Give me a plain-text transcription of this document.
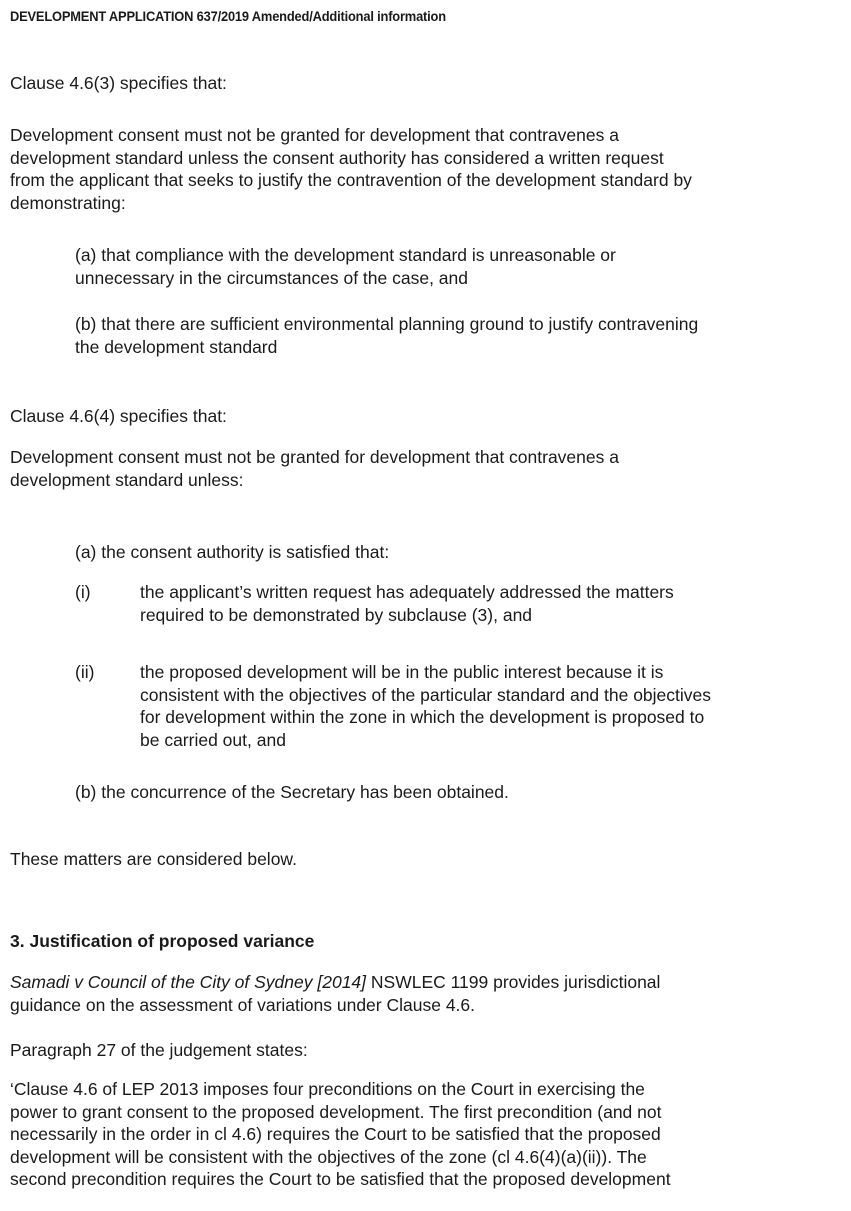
DEVELOPMENT APPLICATION 637/2019 Amended/Additional information

Clause 4.6(3) specifies that:

Development consent must not be granted for development that contravenes a
development standard unless the consent authority has considered a written request
from the applicant that seeks to justify the contravention of the development standard by
demonstrating:

(a) that compliance with the development standard is unreasonable or
unnecessary in the circumstances of the case, and

(b) that there are sufficient environmental planning ground to justify contravening
the development standard

Clause 4.6(4) specifies that:

Development consent must not be granted for development that contravenes a
development standard unless:

(a) the consent authority is satisfied that:

(i)	the applicant’s written request has adequately addressed the matters
required to be demonstrated by subclause (3), and

(ii)	the proposed development will be in the public interest because it is
consistent with the objectives of the particular standard and the objectives
for development within the zone in which the development is proposed to
be carried out, and

(b) the concurrence of the Secretary has been obtained.

These matters are considered below.

3. Justification of proposed variance

Samadi v Council of the City of Sydney [2014] NSWLEC 1199 provides jurisdictional
guidance on the assessment of variations under Clause 4.6.

Paragraph 27 of the judgement states:

‘Clause 4.6 of LEP 2013 imposes four preconditions on the Court in exercising the
power to grant consent to the proposed development. The first precondition (and not
necessarily in the order in cl 4.6) requires the Court to be satisfied that the proposed
development will be consistent with the objectives of the zone (cl 4.6(4)(a)(ii)). The
second precondition requires the Court to be satisfied that the proposed development
